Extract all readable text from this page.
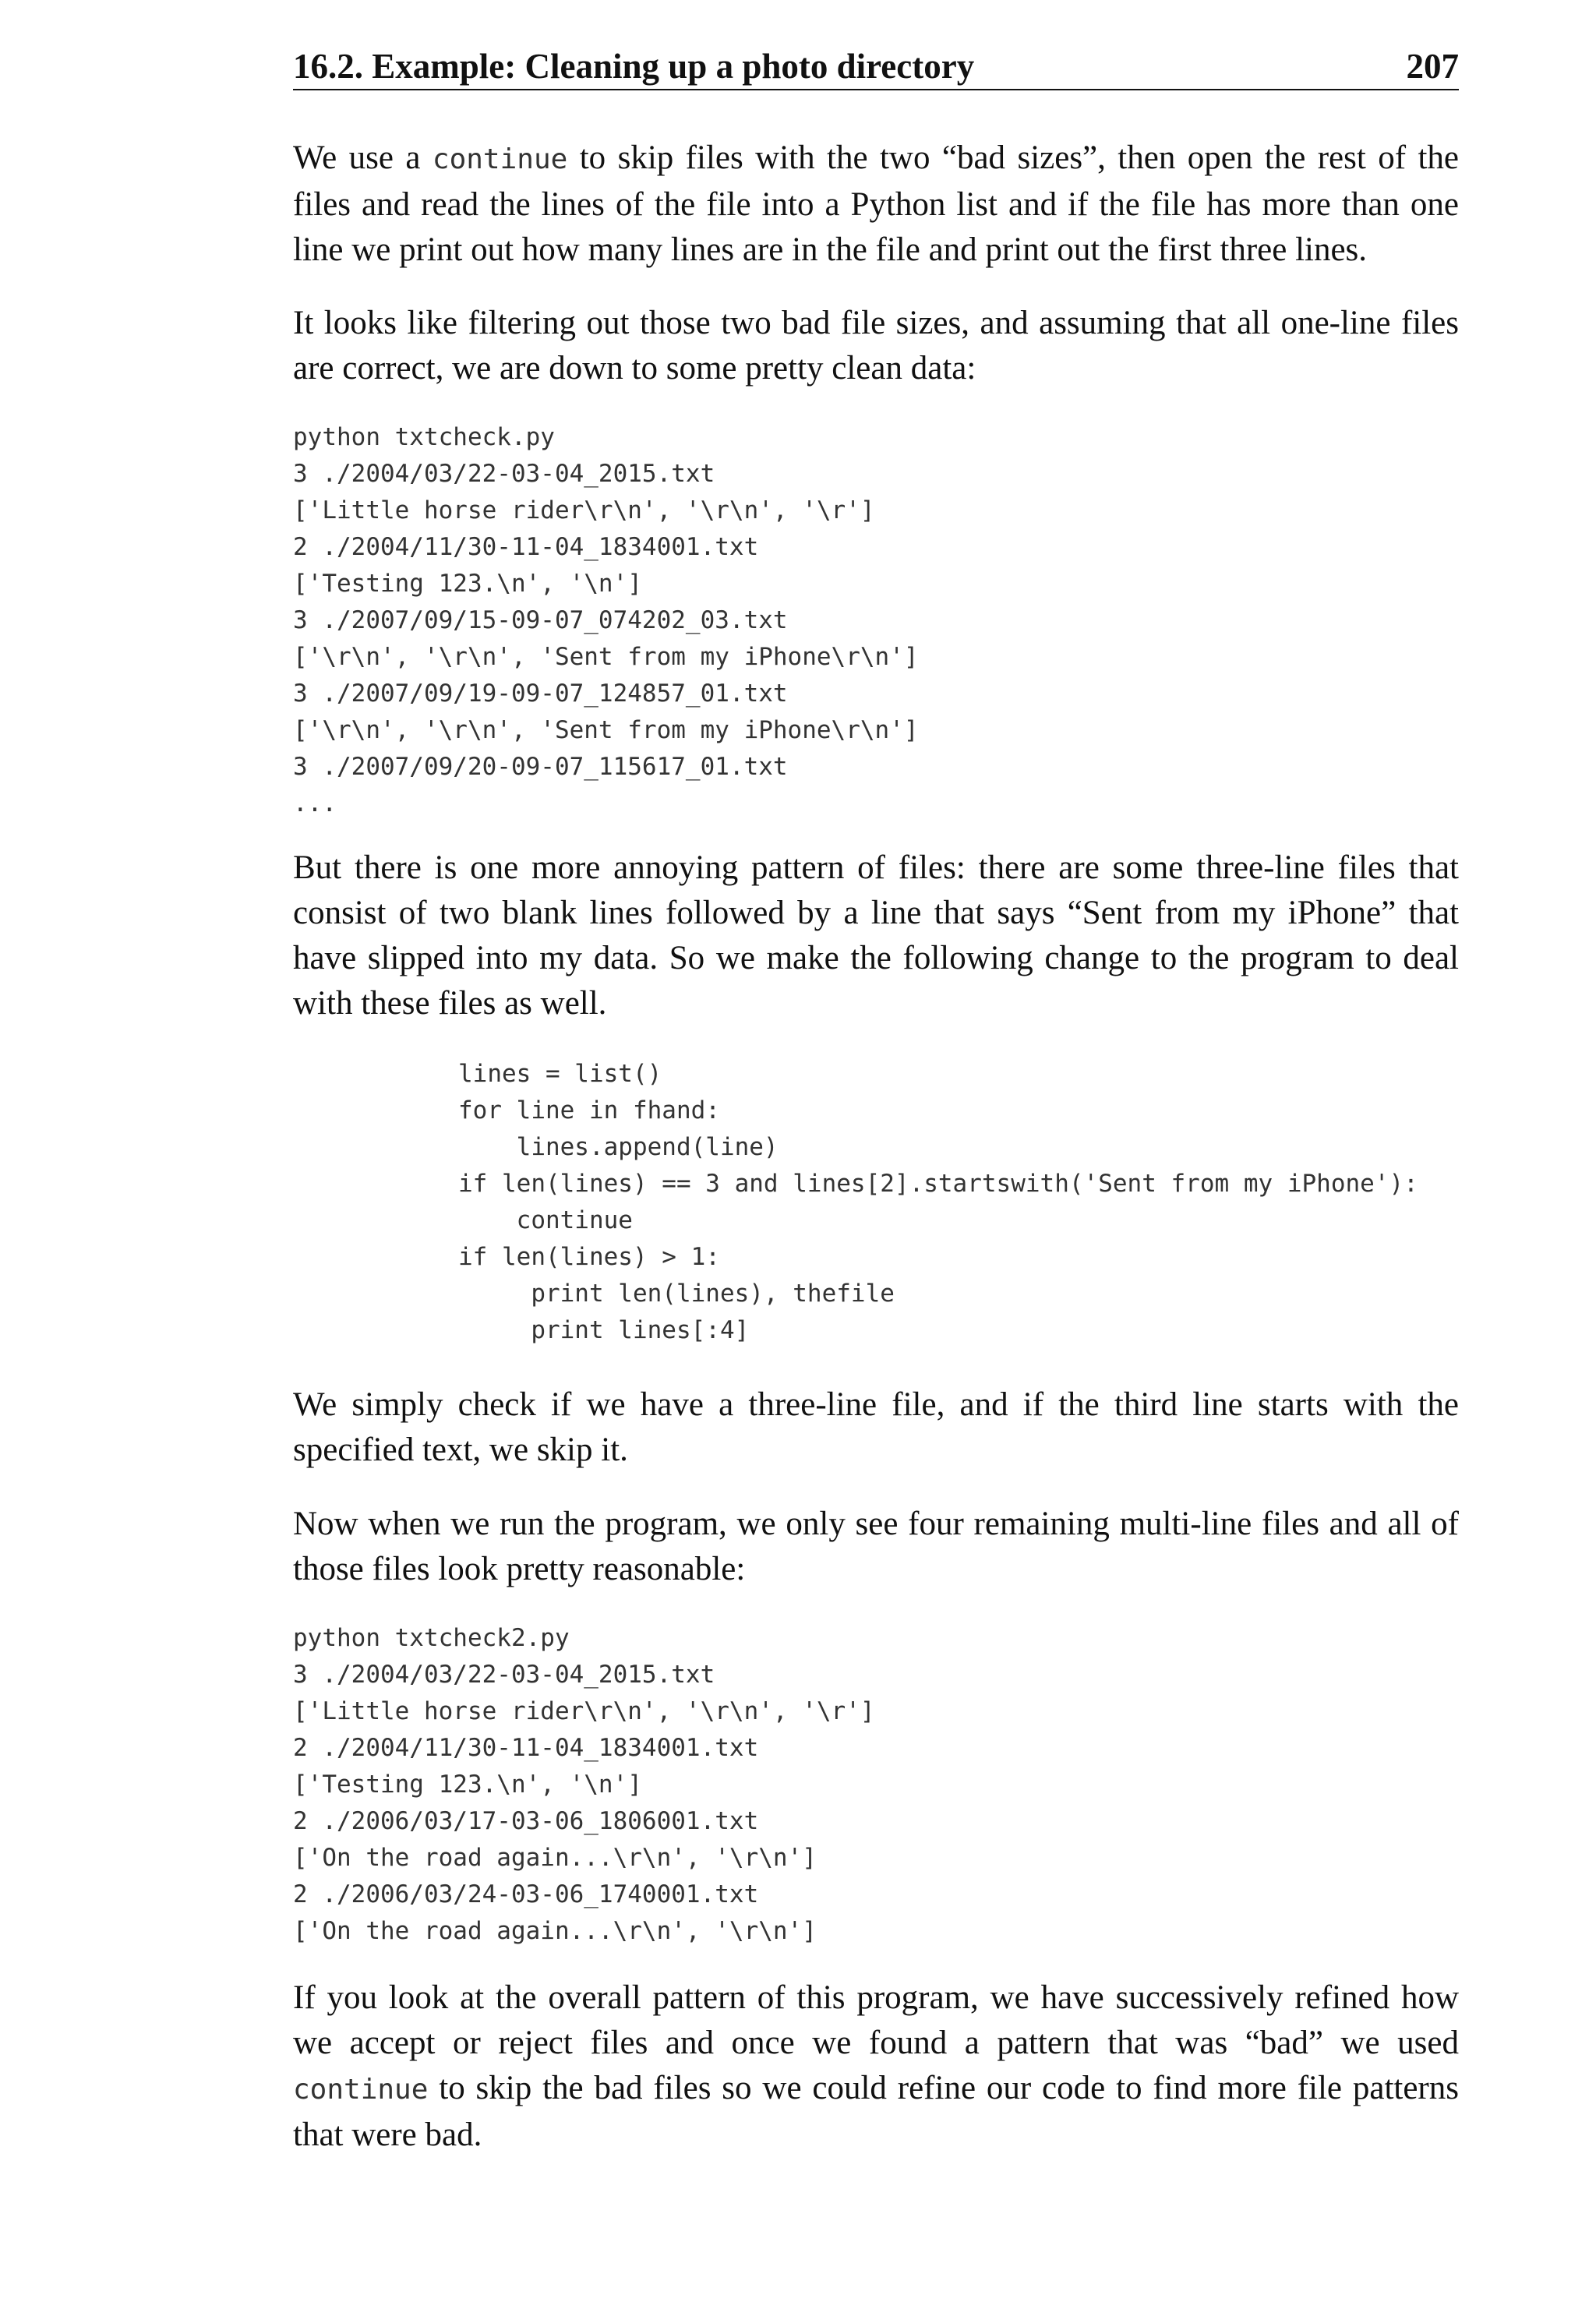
16.2. Example: Cleaning up a photo directory	207

We use a continue to skip files with the two “bad sizes”, then open the rest of the files and read the lines of the file into a Python list and if the file has more than one line we print out how many lines are in the file and print out the first three lines.

It looks like filtering out those two bad file sizes, and assuming that all one-line files are correct, we are down to some pretty clean data:

python txtcheck.py
3 ./2004/03/22-03-04_2015.txt
['Little horse rider\r\n', '\r\n', '\r']
2 ./2004/11/30-11-04_1834001.txt
['Testing 123.\n', '\n']
3 ./2007/09/15-09-07_074202_03.txt
['\r\n', '\r\n', 'Sent from my iPhone\r\n']
3 ./2007/09/19-09-07_124857_01.txt
['\r\n', '\r\n', 'Sent from my iPhone\r\n']
3 ./2007/09/20-09-07_115617_01.txt
...

But there is one more annoying pattern of files: there are some three-line files that consist of two blank lines followed by a line that says “Sent from my iPhone” that have slipped into my data. So we make the following change to the program to deal with these files as well.

lines = list()
for line in fhand:
lines.append(line)
if len(lines) == 3 and lines[2].startswith('Sent from my iPhone'):
continue
if len(lines) > 1:
print len(lines), thefile
print lines[:4]

We simply check if we have a three-line file, and if the third line starts with the specified text, we skip it.

Now when we run the program, we only see four remaining multi-line files and all of those files look pretty reasonable:

python txtcheck2.py
3 ./2004/03/22-03-04_2015.txt
['Little horse rider\r\n', '\r\n', '\r']
2 ./2004/11/30-11-04_1834001.txt
['Testing 123.\n', '\n']
2 ./2006/03/17-03-06_1806001.txt
['On the road again...\r\n', '\r\n']
2 ./2006/03/24-03-06_1740001.txt
['On the road again...\r\n', '\r\n']

If you look at the overall pattern of this program, we have successively refined how we accept or reject files and once we found a pattern that was “bad” we used continue to skip the bad files so we could refine our code to find more file patterns that were bad.
